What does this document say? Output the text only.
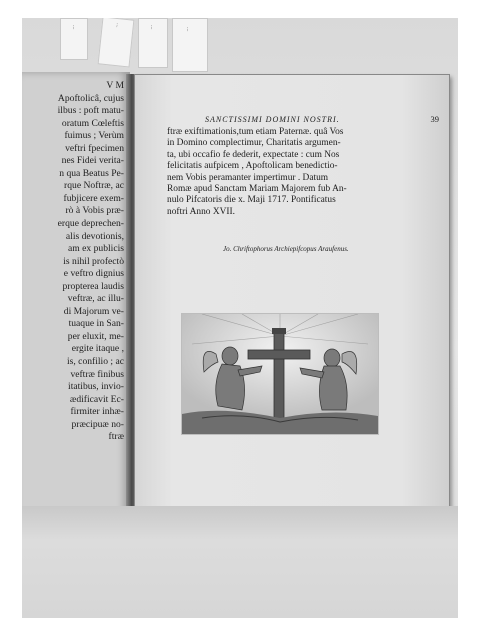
...	...	...	...
V M
Apoftolicâ, cujus
ilbus : poft matu-
oratum Cœleftis
fuimus ; Verùm
veftri fpecimen
nes Fidei verita-
n qua Beatus Pe-
rque Noftræ, ac
fubjicere exem-
rò à Vobis præ-
erque deprechen-
alis devotionis,
am ex publicis
is nihil profectò
e veftro dignius
propterea laudis
veftræ, ac illu-
di Majorum ve-
tuaque in San-
per eluxit, me-
ergite itaque ,
is, confilio ; ac
veftræ finibus
itatibus, invio-
ædificavit Ec-
firmiter inhæ-
præcipuæ no-
ftræ
SANCTISSIMI DOMINI NOSTRI.	39
ftræ exiftimationis,tum etiam Paternæ. quâ Vos
in Domino complectimur, Charitatis argumen-
ta, ubi occafio fe dederit, expectate : cum Nos
felicitatis aufpicem , Apoftolicam benedictio-
nem Vobis peramanter impertimur . Datum
Romæ apud Sanctam Mariam Majorem fub An-
nulo Pifcatoris die x. Maji 1717. Pontificatus
noftri Anno XVII.
Jo. Chriftophorus Archiepifcopus Araufenus.
